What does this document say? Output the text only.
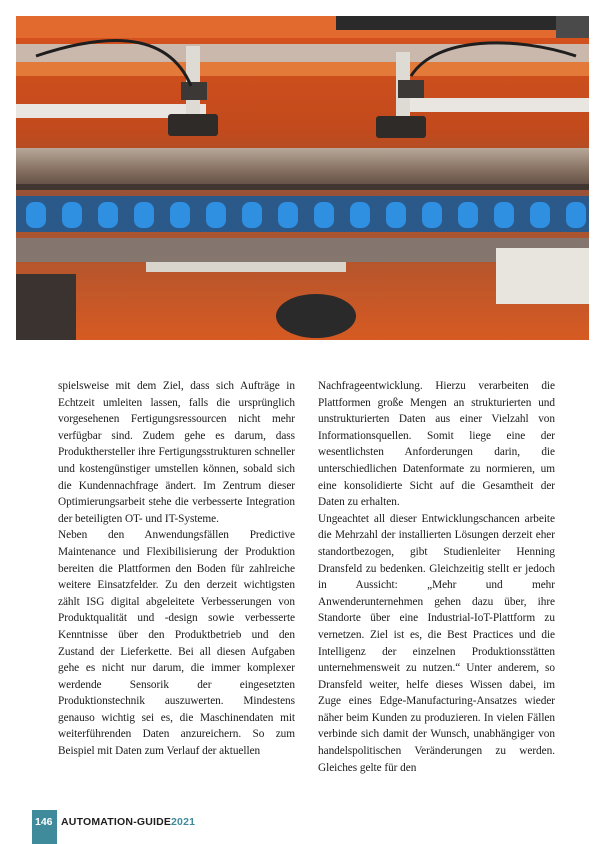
spielsweise mit dem Ziel, dass sich Aufträge in Echtzeit umleiten lassen, falls die ursprünglich vorgesehenen Fertigungsressourcen nicht mehr verfügbar sind. Zudem gehe es darum, dass Produkthersteller ihre Fertigungsstrukturen schneller und kostengünstiger umstellen können, sobald sich die Kundennachfrage ändert. Im Zentrum dieser Optimierungsarbeit stehe die verbesserte Integration der beteiligten OT- und IT-Systeme.

Neben den Anwendungsfällen Predictive Maintenance und Flexibilisierung der Produktion bereiten die Plattformen den Boden für zahlreiche weitere Einsatzfelder. Zu den derzeit wichtigsten zählt ISG digital abgeleitete Verbesserungen von Produktqualität und -design sowie verbesserte Kenntnisse über den Produktbetrieb und den Zustand der Lieferkette. Bei all diesen Aufgaben gehe es nicht nur darum, die immer komplexer werdende Sensorik der eingesetzten Produktionstechnik auszuwerten. Mindestens genauso wichtig sei es, die Maschinendaten mit weiterführenden Daten anzureichern. So zum Beispiel mit Daten zum Verlauf der aktuellen

Nachfrageentwicklung. Hierzu verarbeiten die Plattformen große Mengen an strukturierten und unstrukturierten Daten aus einer Vielzahl von Informationsquellen. Somit liege eine der wesentlichsten Anforderungen darin, die unterschiedlichen Datenformate zu normieren, um eine konsolidierte Sicht auf die Gesamtheit der Daten zu erhalten.

Ungeachtet all dieser Entwicklungschancen arbeite die Mehrzahl der installierten Lösungen derzeit eher standortbezogen, gibt Studienleiter Henning Dransfeld zu bedenken. Gleichzeitig stellt er jedoch in Aussicht: „Mehr und mehr Anwenderunternehmen gehen dazu über, ihre Standorte über eine Industrial-IoT-Plattform zu vernetzen. Ziel ist es, die Best Practices und die Intelligenz der einzelnen Produktionsstätten unternehmensweit zu nutzen.“ Unter anderem, so Dransfeld weiter, helfe dieses Wissen dabei, im Zuge eines Edge-Manufacturing-Ansatzes wieder näher beim Kunden zu produzieren. In vielen Fällen verbinde sich damit der Wunsch, unabhängiger von handelspolitischen Veränderungen zu werden. Gleiches gelte für den

146 AUTOMATION-GUIDE 2021
